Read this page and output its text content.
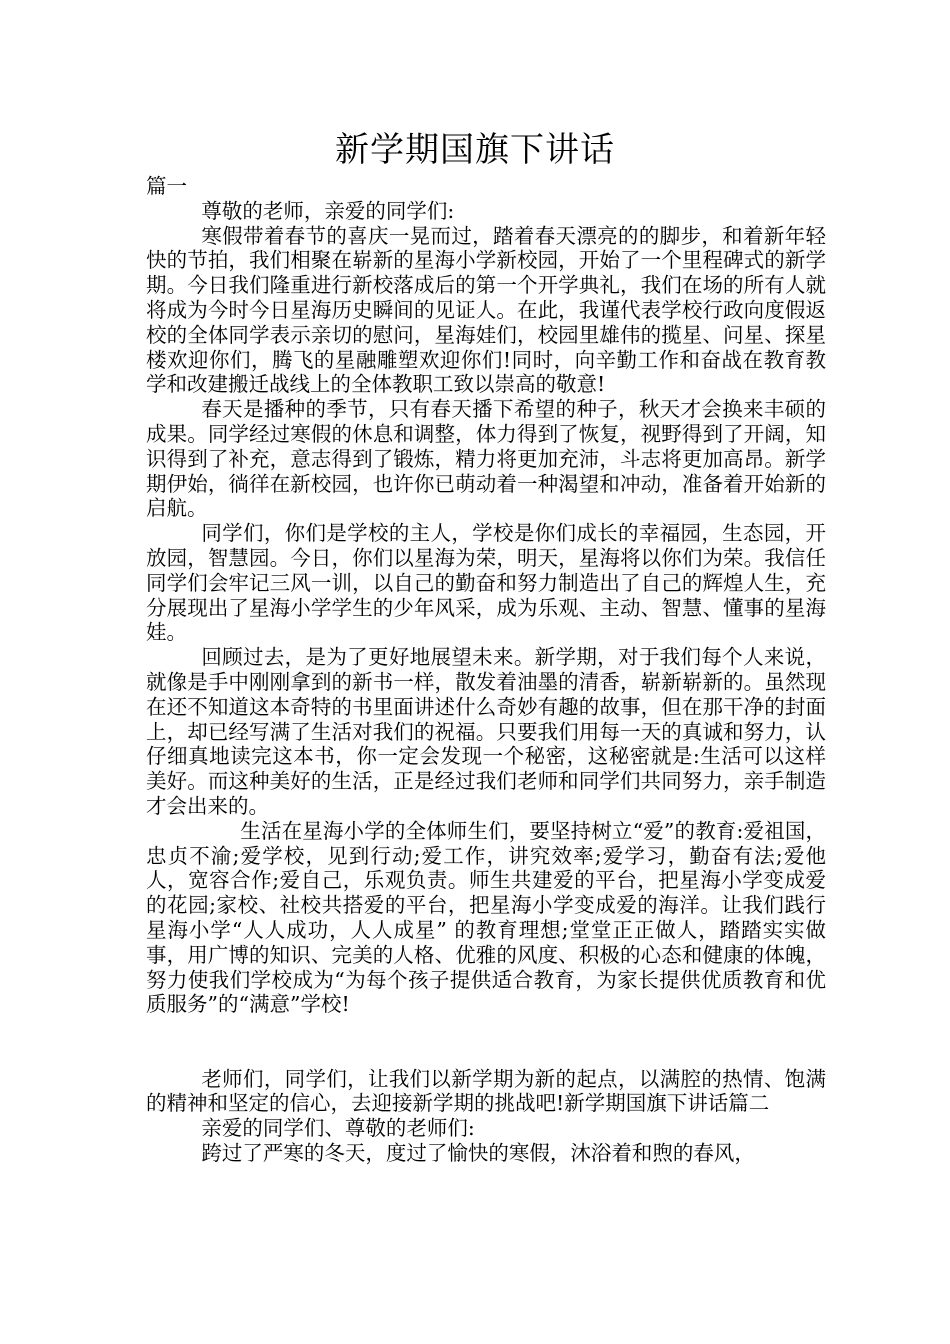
新学期国旗下讲话

篇一

尊敬的老师，亲爱的同学们:

寒假带着春节的喜庆一晃而过，踏着春天漂亮的的脚步，和着新年轻快的节拍，我们相聚在崭新的星海小学新校园，开始了一个里程碑式的新学期。今日我们隆重进行新校落成后的第一个开学典礼，我们在场的所有人就将成为今时今日星海历史瞬间的见证人。在此，我谨代表学校行政向度假返校的全体同学表示亲切的慰问，星海娃们，校园里雄伟的揽星、问星、探星楼欢迎你们，腾飞的星融雕塑欢迎你们!同时，向辛勤工作和奋战在教育教学和改建搬迁战线上的全体教职工致以崇高的敬意!

春天是播种的季节，只有春天播下希望的种子，秋天才会换来丰硕的成果。同学经过寒假的休息和调整，体力得到了恢复，视野得到了开阔，知识得到了补充，意志得到了锻炼，精力将更加充沛，斗志将更加高昂。新学期伊始，徜徉在新校园，也许你已萌动着一种渴望和冲动，准备着开始新的启航。

同学们，你们是学校的主人，学校是你们成长的幸福园，生态园，开放园，智慧园。今日，你们以星海为荣，明天，星海将以你们为荣。我信任同学们会牢记三风一训，以自己的勤奋和努力制造出了自己的辉煌人生，充分展现出了星海小学学生的少年风采，成为乐观、主动、智慧、懂事的星海娃。

回顾过去，是为了更好地展望未来。新学期，对于我们每个人来说，就像是手中刚刚拿到的新书一样，散发着油墨的清香，崭新崭新的。虽然现在还不知道这本奇特的书里面讲述什么奇妙有趣的故事，但在那干净的封面上，却已经写满了生活对我们的祝福。只要我们用每一天的真诚和努力，认仔细真地读完这本书，你一定会发现一个秘密，这秘密就是:生活可以这样美好。而这种美好的生活，正是经过我们老师和同学们共同努力，亲手制造才会出来的。

生活在星海小学的全体师生们，要坚持树立“爱”的教育:爱祖国，忠贞不渝;爱学校，见到行动;爱工作，讲究效率;爱学习，勤奋有法;爱他人，宽容合作;爱自己，乐观负责。师生共建爱的平台，把星海小学变成爱的花园;家校、社校共搭爱的平台，把星海小学变成爱的海洋。让我们践行星海小学“人人成功，人人成星” 的教育理想;堂堂正正做人，踏踏实实做事，用广博的知识、完美的人格、优雅的风度、积极的心态和健康的体魄，努力使我们学校成为“为每个孩子提供适合教育，为家长提供优质教育和优质服务”的“满意”学校!

老师们，同学们，让我们以新学期为新的起点，以满腔的热情、饱满的精神和坚定的信心，去迎接新学期的挑战吧!新学期国旗下讲话篇二

亲爱的同学们、尊敬的老师们:

跨过了严寒的冬天，度过了愉快的寒假，沐浴着和煦的春风，
